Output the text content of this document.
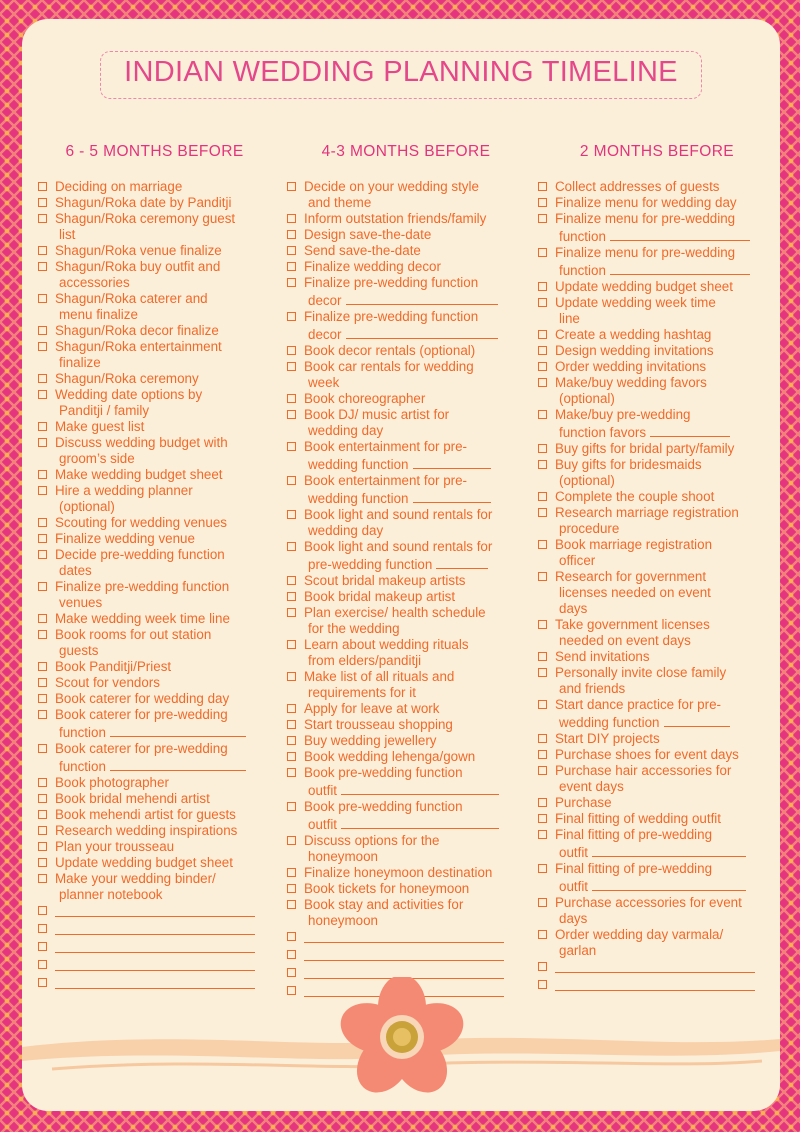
INDIAN WEDDING PLANNING TIMELINE
6 - 5 MONTHS BEFORE
Deciding on marriage
Shagun/Roka date by Panditji
Shagun/Roka ceremony guest
list
Shagun/Roka venue finalize
Shagun/Roka buy outfit and
accessories
Shagun/Roka caterer and
menu finalize
Shagun/Roka decor finalize
Shagun/Roka entertainment
finalize
Shagun/Roka ceremony
Wedding date options by
Panditji / family
Make guest list
Discuss wedding budget with
groom’s side
Make wedding budget sheet
Hire a wedding planner
(optional)
Scouting for wedding venues
Finalize wedding venue
Decide pre-wedding function
dates
Finalize pre-wedding function
venues
Make wedding week time line
Book rooms for out station
guests
Book Panditji/Priest
Scout for vendors
Book caterer for wedding day
Book caterer for pre-wedding
function
Book caterer for pre-wedding
function
Book photographer
Book bridal mehendi artist
Book mehendi artist for guests
Research wedding inspirations
Plan your trousseau
Update wedding budget sheet
Make your wedding binder/
planner notebook
4-3 MONTHS BEFORE
Decide on your wedding style
and theme
Inform outstation friends/family
Design save-the-date
Send save-the-date
Finalize wedding decor
Finalize pre-wedding function
decor
Finalize pre-wedding function
decor
Book decor rentals (optional)
Book car rentals for wedding
week
Book choreographer
Book DJ/ music artist for
wedding day
Book entertainment for pre-
wedding function
Book entertainment for pre-
wedding function
Book light and sound rentals for
wedding day
Book light and sound rentals for
pre-wedding function
Scout bridal makeup artists
Book bridal makeup artist
Plan exercise/ health schedule
for the wedding
Learn about wedding rituals
from elders/panditji
Make list of all rituals and
requirements for it
Apply for leave at work
Start trousseau shopping
Buy wedding jewellery
Book wedding lehenga/gown
Book pre-wedding function
outfit
Book pre-wedding function
outfit
Discuss options for the
honeymoon
Finalize honeymoon destination
Book tickets for honeymoon
Book stay and activities for
honeymoon
2 MONTHS BEFORE
Collect addresses of guests
Finalize menu for wedding day
Finalize menu for pre-wedding
function
Finalize menu for pre-wedding
function
Update wedding budget sheet
Update wedding week time
line
Create a wedding hashtag
Design wedding invitations
Order wedding invitations
Make/buy wedding favors
(optional)
Make/buy pre-wedding
function favors
Buy gifts for bridal party/family
Buy gifts for bridesmaids
(optional)
Complete the couple shoot
Research marriage registration
procedure
Book marriage registration
officer
Research for government
licenses needed on event
days
Take government licenses
needed on event days
Send invitations
Personally invite close family
and friends
Start dance practice for pre-
wedding function
Start DIY projects
Purchase shoes for event days
Purchase hair accessories for
event days
Purchase
Final fitting of wedding outfit
Final fitting of pre-wedding
outfit
Final fitting of pre-wedding
outfit
Purchase accessories for event
days
Order wedding day varmala/
garlan
